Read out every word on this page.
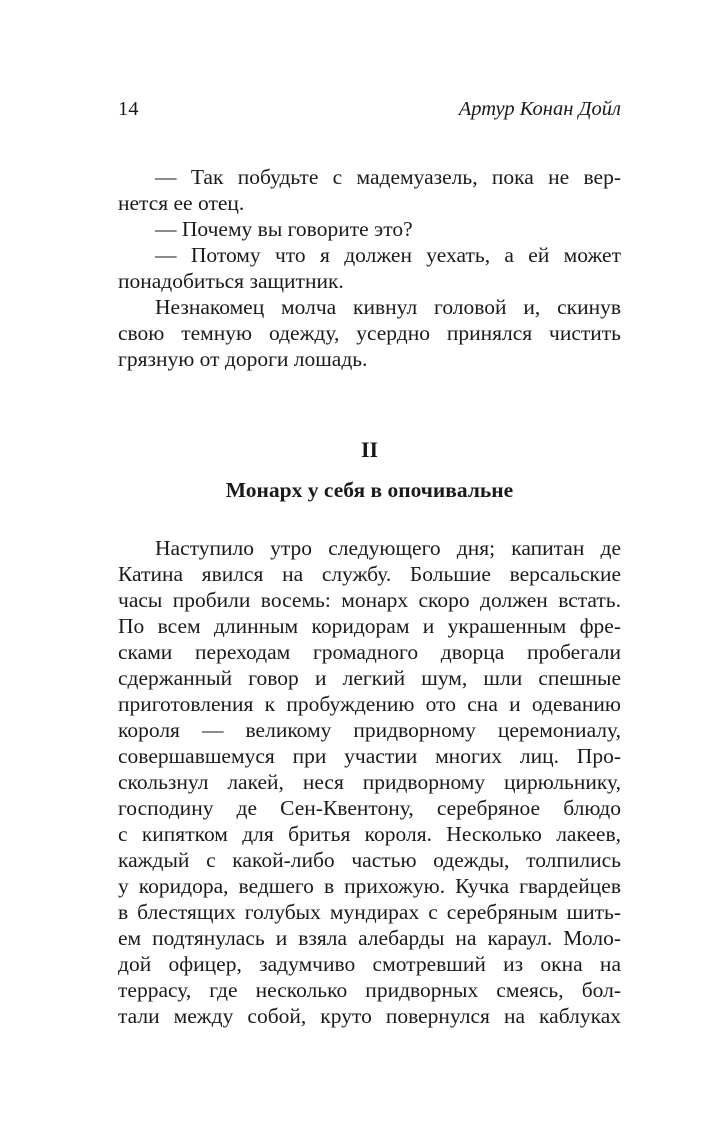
14	Артур Конан Дойл

— Так побудьте с мадемуазель, пока не вер-

нется ее отец.

— Почему вы говорите это?

— Потому что я должен уехать, а ей может

понадобиться защитник.

Незнакомец молча кивнул головой и, скинув

свою темную одежду, усердно принялся чистить

грязную от дороги лошадь.

II
Монарх у себя в опочивальне

Наступило утро следующего дня; капитан де

Катина явился на службу. Большие версальские

часы пробили восемь: монарх скоро должен встать.

По всем длинным коридорам и украшенным фре-

сками переходам громадного дворца пробегали

сдержанный говор и легкий шум, шли спешные

приготовления к пробуждению ото сна и одеванию

короля — великому придворному церемониалу,

совершавшемуся при участии многих лиц. Про-

скользнул лакей, неся придворному цирюльнику,

господину де Сен-Квентону, серебряное блюдо

с кипятком для бритья короля. Несколько лакеев,

каждый с какой-либо частью одежды, толпились

у коридора, ведшего в прихожую. Кучка гвардейцев

в блестящих голубых мундирах с серебряным шить-

ем подтянулась и взяла алебарды на караул. Моло-

дой офицер, задумчиво смотревший из окна на

террасу, где несколько придворных смеясь, бол-

тали между собой, круто повернулся на каблуках
